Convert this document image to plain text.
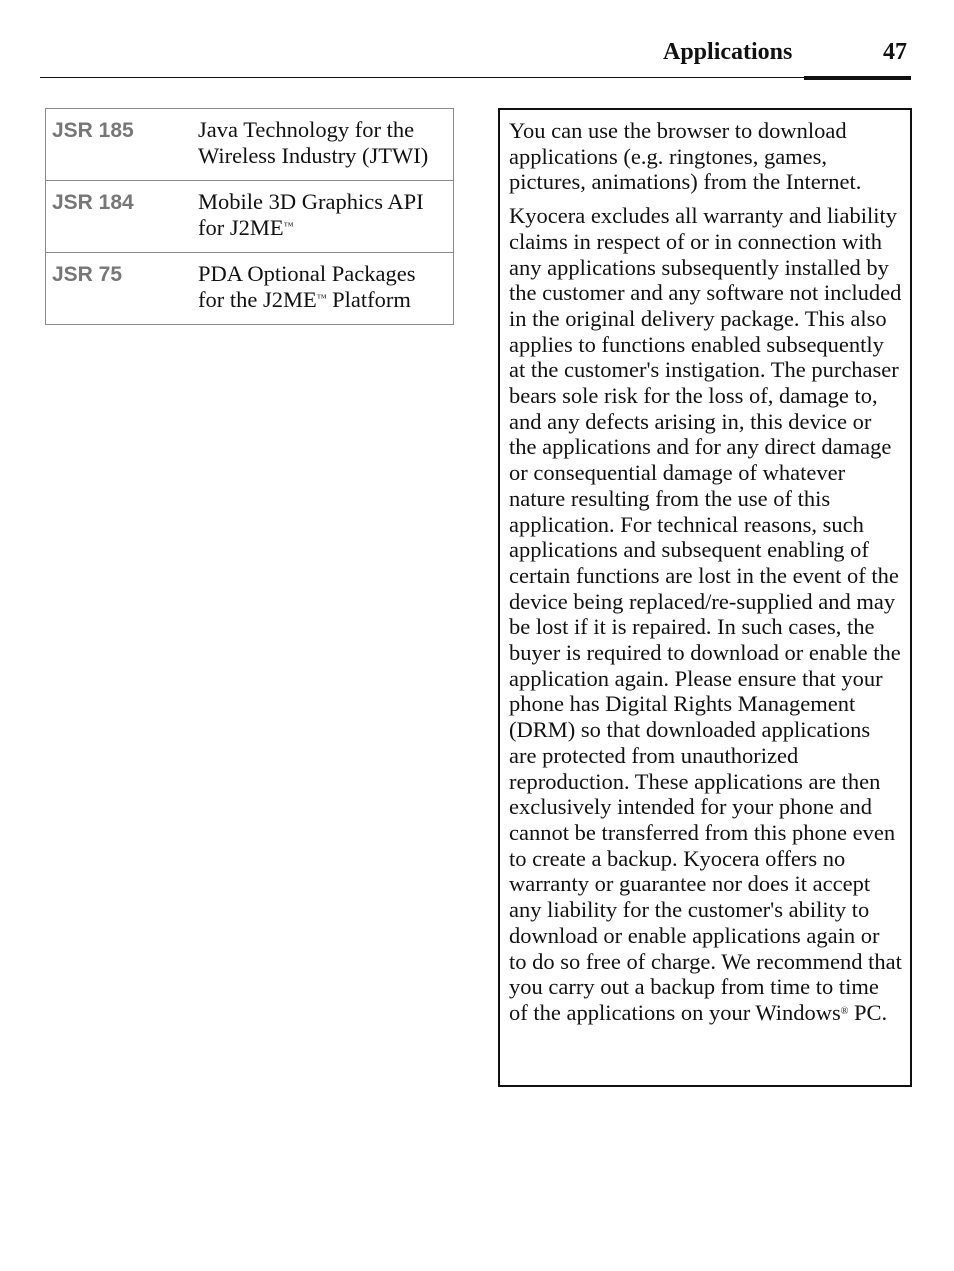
Applications	47
JSR 185	Java Technology for the Wireless Industry (JTWI)
JSR 184	Mobile 3D Graphics API for J2ME™
JSR 75	PDA Optional Packages for the J2ME™ Platform

You can use the browser to download applications (e.g. ringtones, games, pictures, animations) from the Internet.

Kyocera excludes all warranty and liability claims in respect of or in connection with any applications subsequently installed by the customer and any software not included in the original delivery package. This also applies to functions enabled subsequently at the customer's instigation. The purchaser bears sole risk for the loss of, damage to, and any defects arising in, this device or the applications and for any direct damage or consequential damage of whatever nature resulting from the use of this application. For technical reasons, such applications and subsequent enabling of certain functions are lost in the event of the device being replaced/re-supplied and may be lost if it is repaired. In such cases, the buyer is required to download or enable the application again. Please ensure that your phone has Digital Rights Management (DRM) so that downloaded applications are protected from unauthorized reproduction. These applications are then exclusively intended for your phone and cannot be transferred from this phone even to create a backup. Kyocera offers no warranty or guarantee nor does it accept any liability for the customer's ability to download or enable applications again or to do so free of charge. We recommend that you carry out a backup from time to time of the applications on your Windows® PC.
